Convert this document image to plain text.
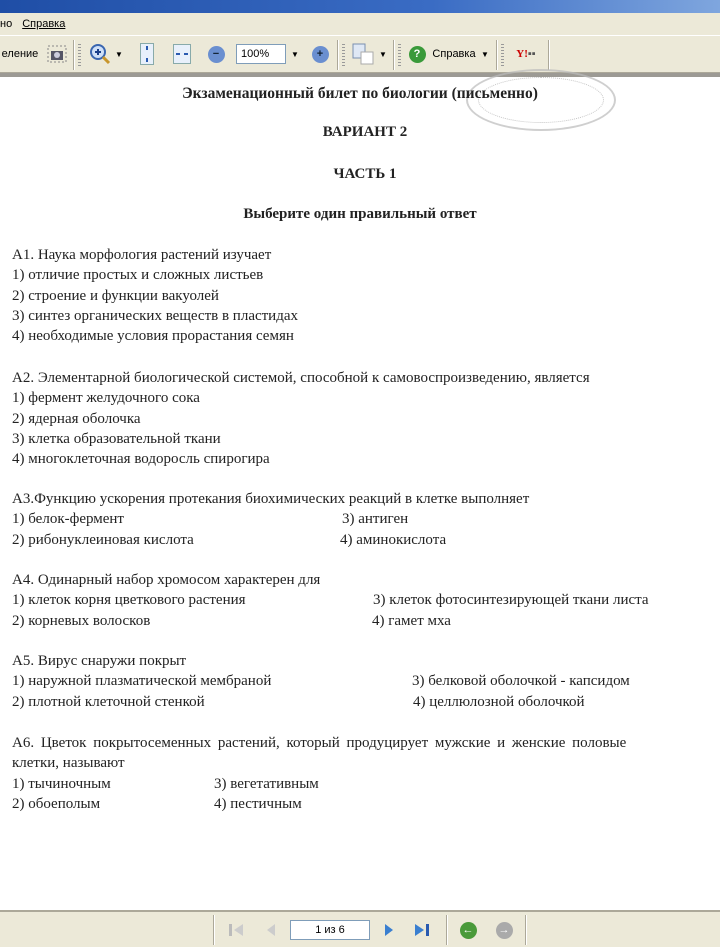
но Справка
еление	▼	−	100%	▼	+	▼	?	Справка ▼	Y! ▪▪
Экзаменационный билет по биологии (письменно)
ВАРИАНТ 2
ЧАСТЬ 1
Выберите один правильный ответ
А1. Наука морфология растений изучает
1) отличие простых и сложных листьев
2) строение и функции вакуолей
3) синтез органических веществ в пластидах
4) необходимые условия прорастания семян
А2. Элементарной биологической системой, способной к самовоспроизведению, является
1) фермент желудочного сока
2) ядерная оболочка
3) клетка образовательной ткани
4) многоклеточная водоросль спирогира
А3.Функцию ускорения протекания биохимических реакций в клетке выполняет
1) белок-фермент	3) антиген
2) рибонуклеиновая кислота	4) аминокислота
А4. Одинарный набор хромосом характерен для
1) клеток корня цветкового растения	3) клеток фотосинтезирующей ткани листа
2) корневых волосков	4) гамет мха
А5. Вирус снаружи покрыт
1) наружной плазматической мембраной	3) белковой оболочкой - капсидом
2) плотной клеточной стенкой	4) целлюлозной оболочкой
А6. Цветок покрытосеменных растений, который продуцирует мужские и женские половые
клетки, называют
1) тычиночным	3) вегетативным
2) обоеполым	4) пестичным
1 из 6	← →
